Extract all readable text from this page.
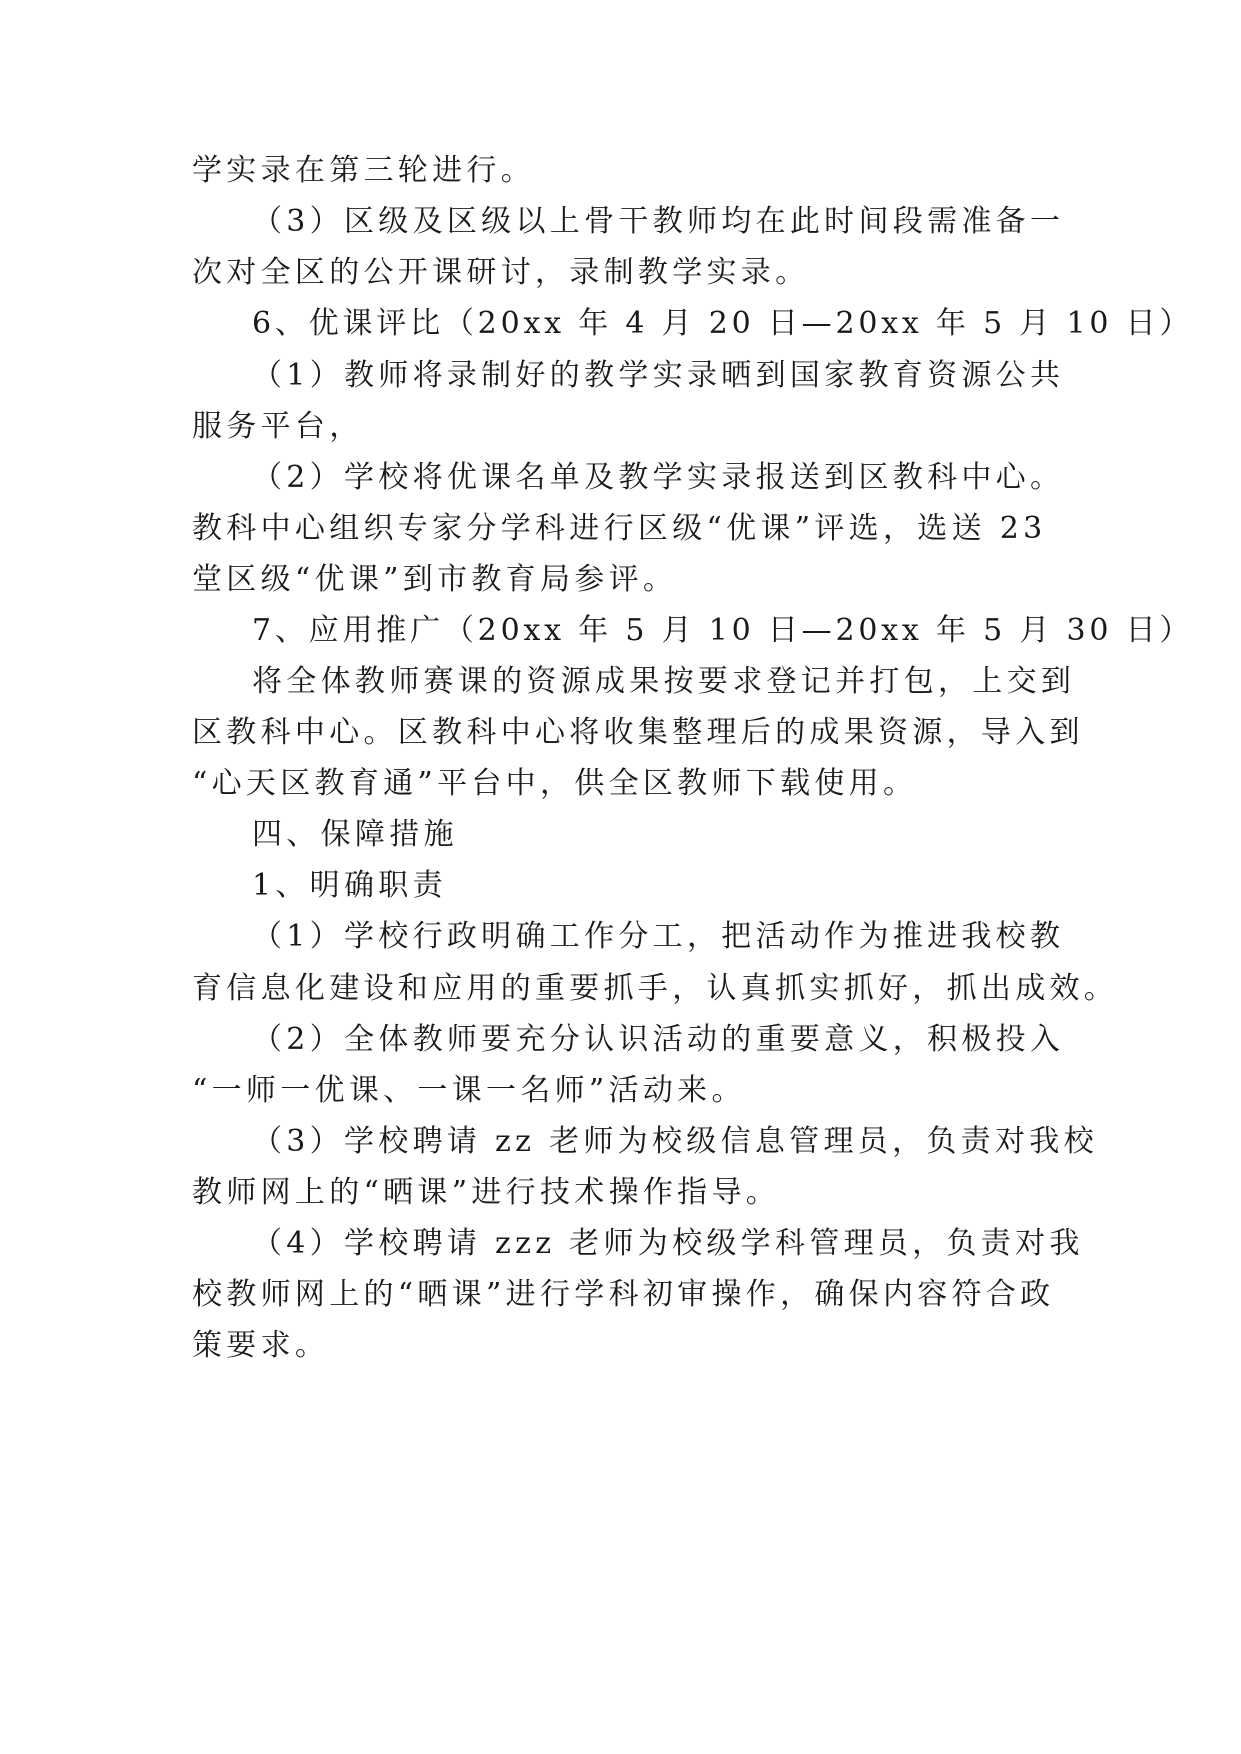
学实录在第三轮进行。
（3）区级及区级以上骨干教师均在此时间段需准备一
次对全区的公开课研讨，录制教学实录。
6、优课评比（20xx 年 4 月 20 日—20xx 年 5 月 10 日）
（1）教师将录制好的教学实录晒到国家教育资源公共
服务平台，
（2）学校将优课名单及教学实录报送到区教科中心。
教科中心组织专家分学科进行区级“优课”评选，选送 23
堂区级“优课”到市教育局参评。
7、应用推广（20xx 年 5 月 10 日—20xx 年 5 月 30 日）
将全体教师赛课的资源成果按要求登记并打包，上交到
区教科中心。区教科中心将收集整理后的成果资源，导入到
“心天区教育通”平台中，供全区教师下载使用。
四、保障措施
1、明确职责
（1）学校行政明确工作分工，把活动作为推进我校教
育信息化建设和应用的重要抓手，认真抓实抓好，抓出成效。
（2）全体教师要充分认识活动的重要意义，积极投入
“一师一优课、一课一名师”活动来。
（3）学校聘请 zz 老师为校级信息管理员，负责对我校
教师网上的“晒课”进行技术操作指导。
（4）学校聘请 zzz 老师为校级学科管理员，负责对我
校教师网上的“晒课”进行学科初审操作，确保内容符合政
策要求。
